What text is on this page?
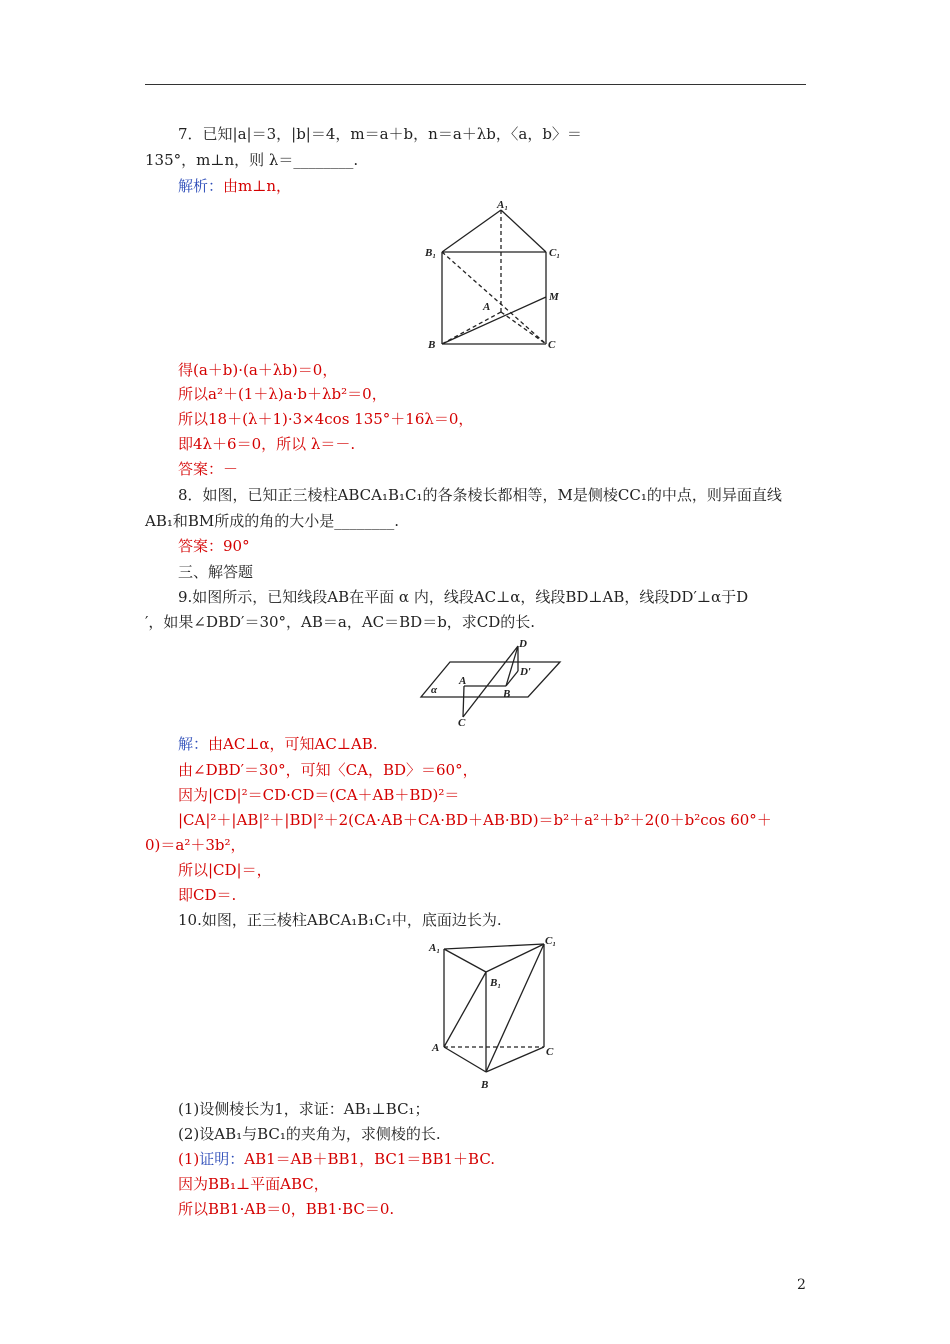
7．已知|a|＝3，|b|＝4，m＝a＋b，n＝a＋λb，〈a，b〉＝
135°，m⊥n，则 λ＝________.
解析：由m⊥n，
A₁
B₁	C₁
A
M
B	C
得(a＋b)·(a＋λb)＝0，
所以a²＋(1＋λ)a·b＋λb²＝0，
所以18＋(λ＋1)·3×4cos 135°＋16λ＝0，
即4λ＋6＝0，所以 λ＝－.
答案：－
8．如图，已知正三棱柱ABCA₁B₁C₁的各条棱长都相等，M是侧棱CC₁的中点，则异面直线
AB₁和BM所成的角的大小是________.
答案：90°
三、解答题
9.如图所示，已知线段AB在平面 α 内，线段AC⊥α，线段BD⊥AB，线段DD′⊥α于D
′，如果∠DBD′＝30°，AB＝a，AC＝BD＝b，求CD的长.
D
D′
A
B
C
α
解：由AC⊥α，可知AC⊥AB.
由∠DBD′＝30°，可知〈CA，BD〉＝60°，
因为|CD|²＝CD·CD＝(CA＋AB＋BD)²＝
|CA|²＋|AB|²＋|BD|²＋2(CA·AB＋CA·BD＋AB·BD)＝b²＋a²＋b²＋2(0＋b²cos 60°＋
0)＝a²＋3b²，
所以|CD|＝，
即CD＝.
10.如图，正三棱柱ABCA₁B₁C₁中，底面边长为.
A₁
C₁
B₁
A	C
B
(1)设侧棱长为1，求证：AB₁⊥BC₁；
(2)设AB₁与BC₁的夹角为，求侧棱的长.
(1)证明：AB1＝AB＋BB1，BC1＝BB1＋BC.
因为BB₁⊥平面ABC，
所以BB1·AB＝0，BB1·BC＝0.
2
